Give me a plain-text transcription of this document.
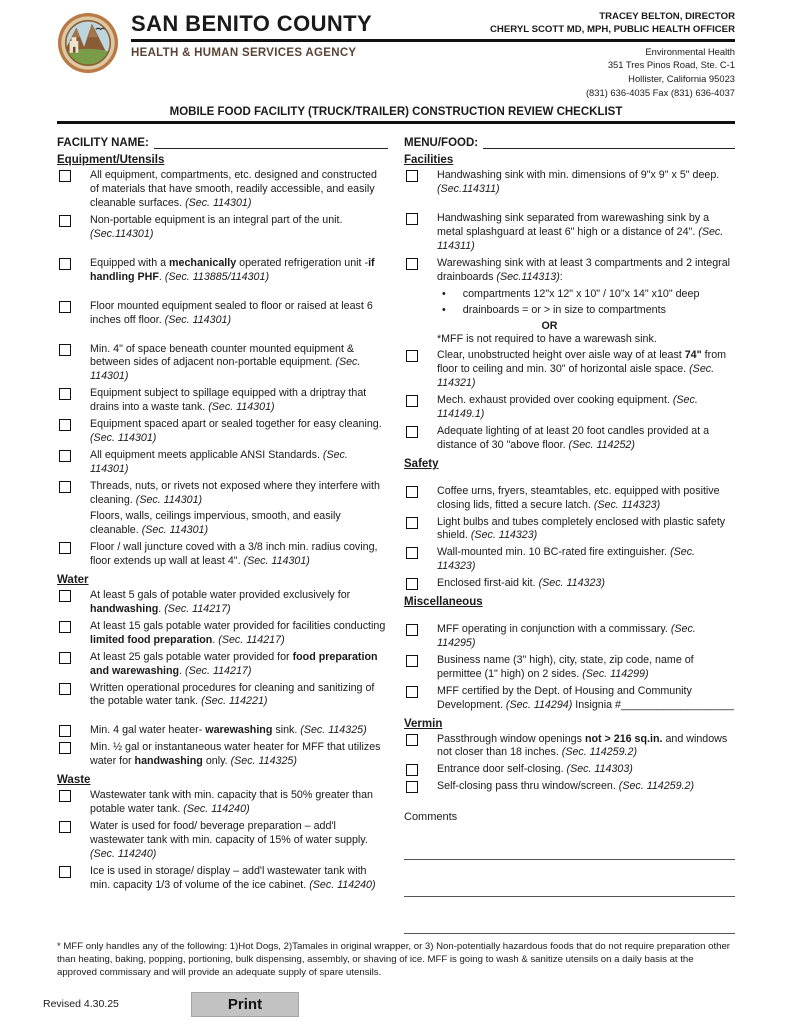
SAN BENITO COUNTY	TRACEY BELTON, DIRECTOR
CHERYL SCOTT MD, MPH, PUBLIC HEALTH OFFICER
HEALTH & HUMAN SERVICES AGENCY	Environmental Health
351 Tres Pinos Road, Ste. C-1
Hollister, California 95023
(831) 636-4035 Fax (831) 636-4037
MOBILE FOOD FACILITY (TRUCK/TRAILER) CONSTRUCTION REVIEW CHECKLIST
FACILITY NAME:
Equipment/Utensils
All equipment, compartments, etc. designed and constructed of materials that have smooth, readily accessible, and easily cleanable surfaces. (Sec. 114301)
Non-portable equipment is an integral part of the unit. (Sec.114301)
Equipped with a mechanically operated refrigeration unit -if handling PHF. (Sec. 113885/114301)
Floor mounted equipment sealed to floor or raised at least 6 inches off floor. (Sec. 114301)
Min. 4" of space beneath counter mounted equipment & between sides of adjacent non-portable equipment. (Sec. 114301)
Equipment subject to spillage equipped with a driptray that drains into a waste tank. (Sec. 114301)
Equipment spaced apart or sealed together for easy cleaning. (Sec. 114301)
All equipment meets applicable ANSI Standards. (Sec. 114301)
Threads, nuts, or rivets not exposed where they interfere with cleaning. (Sec. 114301)
Floors, walls, ceilings impervious, smooth, and easily cleanable. (Sec. 114301)
Floor / wall juncture coved with a 3/8 inch min. radius coving, floor extends up wall at least 4". (Sec. 114301)
Water
At least 5 gals of potable water provided exclusively for handwashing. (Sec. 114217)
At least 15 gals potable water provided for facilities conducting limited food preparation. (Sec. 114217)
At least 25 gals potable water provided for food preparation and warewashing. (Sec. 114217)
Written operational procedures for cleaning and sanitizing of the potable water tank. (Sec. 114221)
Min. 4 gal water heater- warewashing sink. (Sec. 114325)
Min. ½ gal or instantaneous water heater for MFF that utilizes water for handwashing only. (Sec. 114325)
Waste
Wastewater tank with min. capacity that is 50% greater than potable water tank. (Sec. 114240)
Water is used for food/ beverage preparation – add'l wastewater tank with min. capacity of 15% of water supply. (Sec. 114240)
Ice is used in storage/ display – add'l wastewater tank with min. capacity 1/3 of volume of the ice cabinet. (Sec. 114240)
MENU/FOOD:
Facilities
Handwashing sink with min. dimensions of 9"x 9" x 5" deep. (Sec.114311)
Handwashing sink separated from warewashing sink by a metal splashguard at least 6" high or a distance of 24". (Sec. 114311)
Warewashing sink with at least 3 compartments and 2 integral drainboards (Sec.114313):
• compartments 12"x 12" x 10" / 10"x 14" x10" deep
• drainboards = or > in size to compartments
OR
*MFF is not required to have a warewash sink.
Clear, unobstructed height over aisle way of at least 74" from floor to ceiling and min. 30" of horizontal aisle space. (Sec. 114321)
Mech. exhaust provided over cooking equipment. (Sec. 114149.1)
Adequate lighting of at least 20 foot candles provided at a distance of 30 "above floor. (Sec. 114252)
Safety
Coffee urns, fryers, steamtables, etc. equipped with positive closing lids, fitted a secure latch. (Sec. 114323)
Light bulbs and tubes completely enclosed with plastic safety shield. (Sec. 114323)
Wall-mounted min. 10 BC-rated fire extinguisher. (Sec. 114323)
Enclosed first-aid kit. (Sec. 114323)
Miscellaneous
MFF operating in conjunction with a commissary. (Sec. 114295)
Business name (3" high), city, state, zip code, name of permittee (1" high) on 2 sides. (Sec. 114299)
MFF certified by the Dept. of Housing and Community Development. (Sec. 114294) Insignia #___________________
Vermin
Passthrough window openings not > 216 sq.in. and windows not closer than 18 inches. (Sec. 114259.2)
Entrance door self-closing. (Sec. 114303)
Self-closing pass thru window/screen. (Sec. 114259.2)
Comments
* MFF only handles any of the following: 1)Hot Dogs, 2)Tamales in original wrapper, or 3) Non-potentially hazardous foods that do not require preparation other than heating, baking, popping, portioning, bulk dispensing, assembly, or shaving of ice. MFF is going to wash & sanitize utensils on a daily basis at the approved commissary and will provide an adequate supply of spare utensils.
Revised 4.30.25	Print
